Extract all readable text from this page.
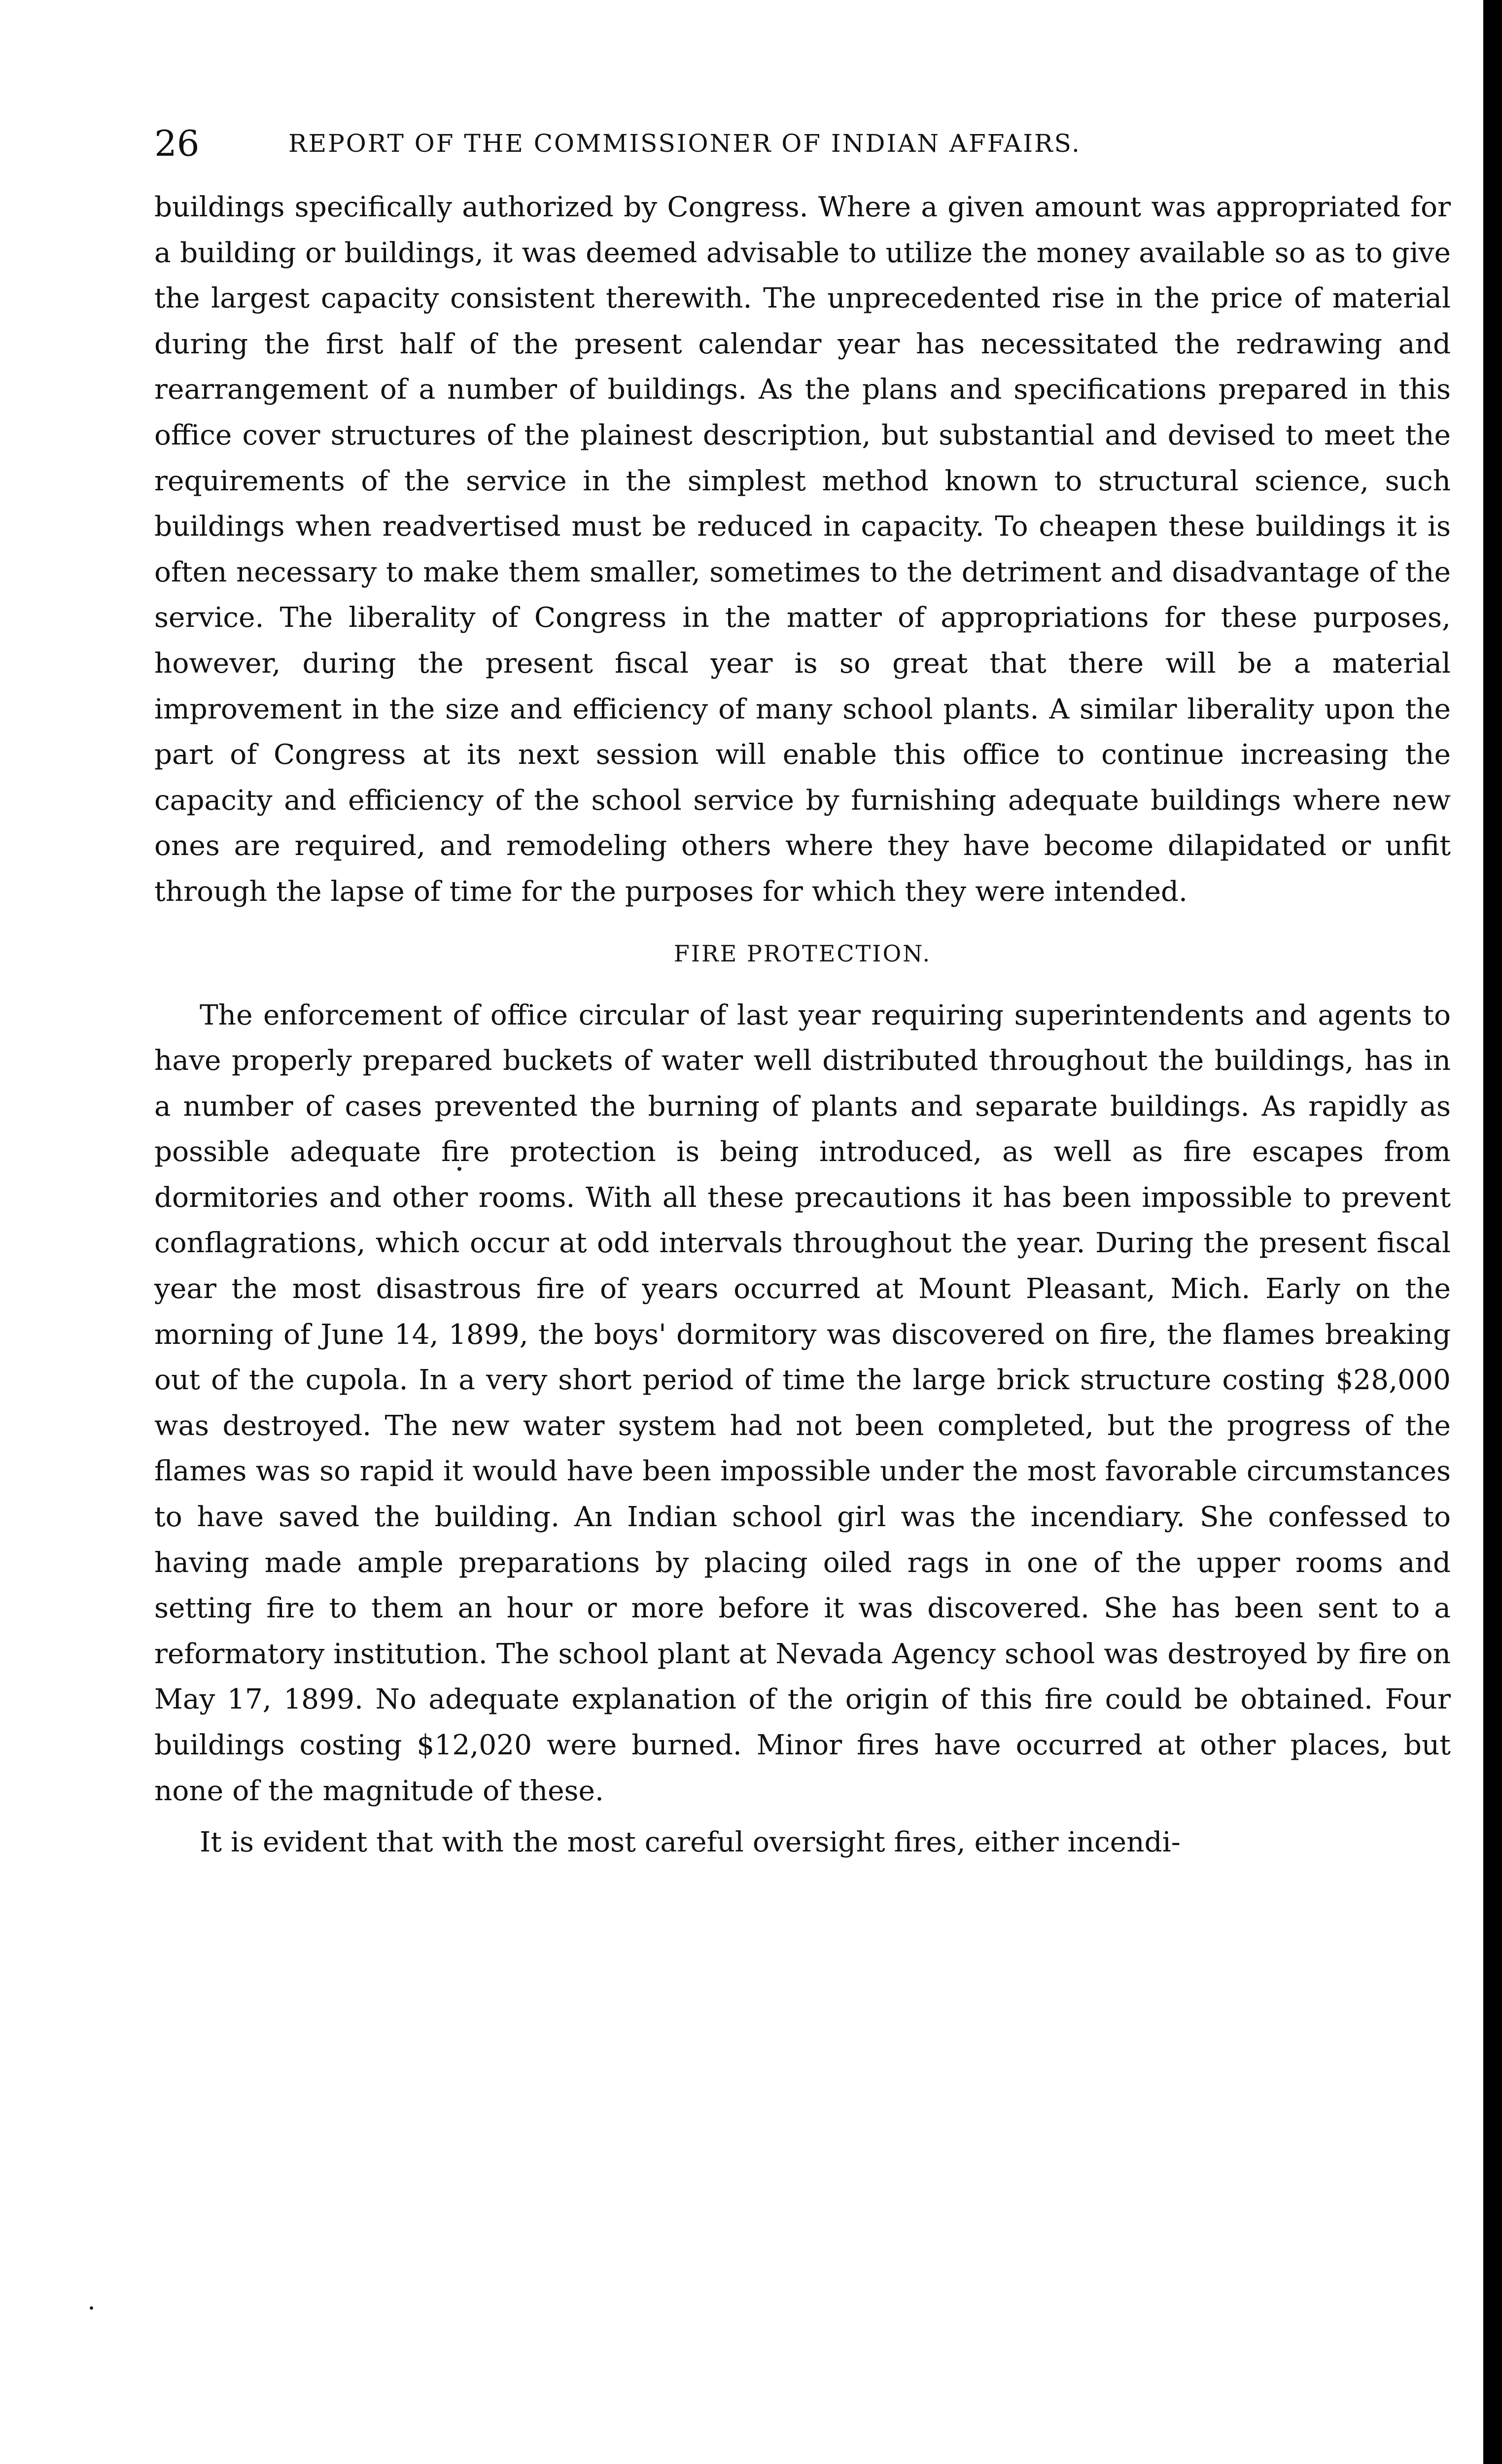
26	REPORT OF THE COMMISSIONER OF INDIAN AFFAIRS.

buildings specifically authorized by Congress. Where a given amount was appropriated for a building or buildings, it was deemed advisable to utilize the money available so as to give the largest capacity consistent therewith. The unprecedented rise in the price of material during the first half of the present calendar year has necessitated the redrawing and rearrangement of a number of buildings. As the plans and specifications prepared in this office cover structures of the plainest description, but substantial and devised to meet the requirements of the service in the simplest method known to structural science, such buildings when readvertised must be reduced in capacity. To cheapen these buildings it is often necessary to make them smaller, sometimes to the detriment and disadvantage of the service. The liberality of Congress in the matter of appropriations for these purposes, however, during the present fiscal year is so great that there will be a material improvement in the size and efficiency of many school plants. A similar liberality upon the part of Congress at its next session will enable this office to continue increasing the capacity and efficiency of the school service by furnishing adequate buildings where new ones are required, and remodeling others where they have become dilapidated or unfit through the lapse of time for the purposes for which they were intended.

FIRE PROTECTION.

The enforcement of office circular of last year requiring superintendents and agents to have properly prepared buckets of water well distributed throughout the buildings, has in a number of cases prevented the burning of plants and separate buildings. As rapidly as possible adequate fire protection is being introduced, as well as fire escapes from dormitories and other rooms. With all these precautions it has been impossible to prevent conflagrations, which occur at odd intervals throughout the year. During the present fiscal year the most disastrous fire of years occurred at Mount Pleasant, Mich. Early on the morning of June 14, 1899, the boys' dormitory was discovered on fire, the flames breaking out of the cupola. In a very short period of time the large brick structure costing $28,000 was destroyed. The new water system had not been completed, but the progress of the flames was so rapid it would have been impossible under the most favorable circumstances to have saved the building. An Indian school girl was the incendiary. She confessed to having made ample preparations by placing oiled rags in one of the upper rooms and setting fire to them an hour or more before it was discovered. She has been sent to a reformatory institution. The school plant at Nevada Agency school was destroyed by fire on May 17, 1899. No adequate explanation of the origin of this fire could be obtained. Four buildings costing $12,020 were burned. Minor fires have occurred at other places, but none of the magnitude of these.

It is evident that with the most careful oversight fires, either incendi-
